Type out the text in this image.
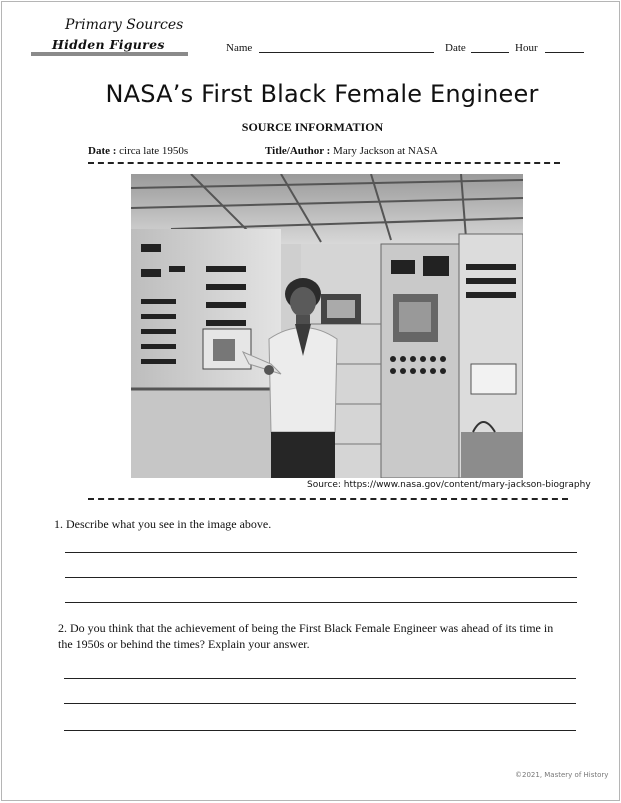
Primary Sources
Hidden Figures	Name	Date	Hour
NASA’s First Black Female Engineer
SOURCE INFORMATION
Date : circa late 1950s	Title/Author : Mary Jackson at NASA
Source: https://www.nasa.gov/content/mary-jackson-biography
1. Describe what you see in the image above.
2. Do you think that the achievement of being the First Black Female Engineer was ahead of its time in the 1950s or behind the times? Explain your answer.
©2021, Mastery of History
